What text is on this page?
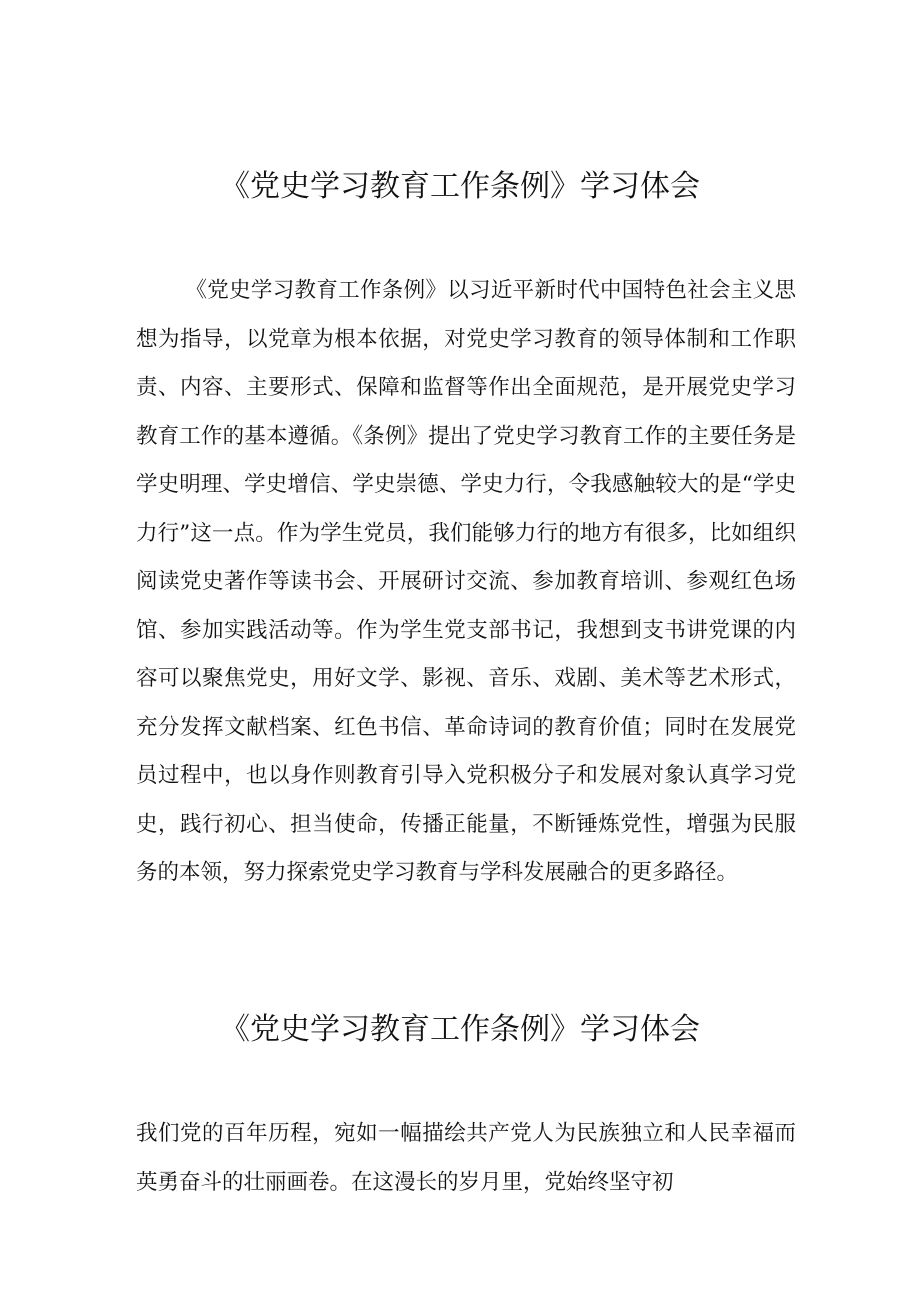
《党史学习教育工作条例》学习体会

《党史学习教育工作条例》以习近平新时代中国特色社会主义思想为指导，以党章为根本依据，对党史学习教育的领导体制和工作职责、内容、主要形式、保障和监督等作出全面规范，是开展党史学习教育工作的基本遵循。《条例》提出了党史学习教育工作的主要任务是学史明理、学史增信、学史崇德、学史力行，令我感触较大的是“学史力行”这一点。作为学生党员，我们能够力行的地方有很多，比如组织阅读党史著作等读书会、开展研讨交流、参加教育培训、参观红色场馆、参加实践活动等。作为学生党支部书记，我想到支书讲党课的内容可以聚焦党史，用好文学、影视、音乐、戏剧、美术等艺术形式，充分发挥文献档案、红色书信、革命诗词的教育价值；同时在发展党员过程中，也以身作则教育引导入党积极分子和发展对象认真学习党史，践行初心、担当使命，传播正能量，不断锤炼党性，增强为民服务的本领，努力探索党史学习教育与学科发展融合的更多路径。

《党史学习教育工作条例》学习体会

我们党的百年历程，宛如一幅描绘共产党人为民族独立和人民幸福而英勇奋斗的壮丽画卷。在这漫长的岁月里，党始终坚守初
